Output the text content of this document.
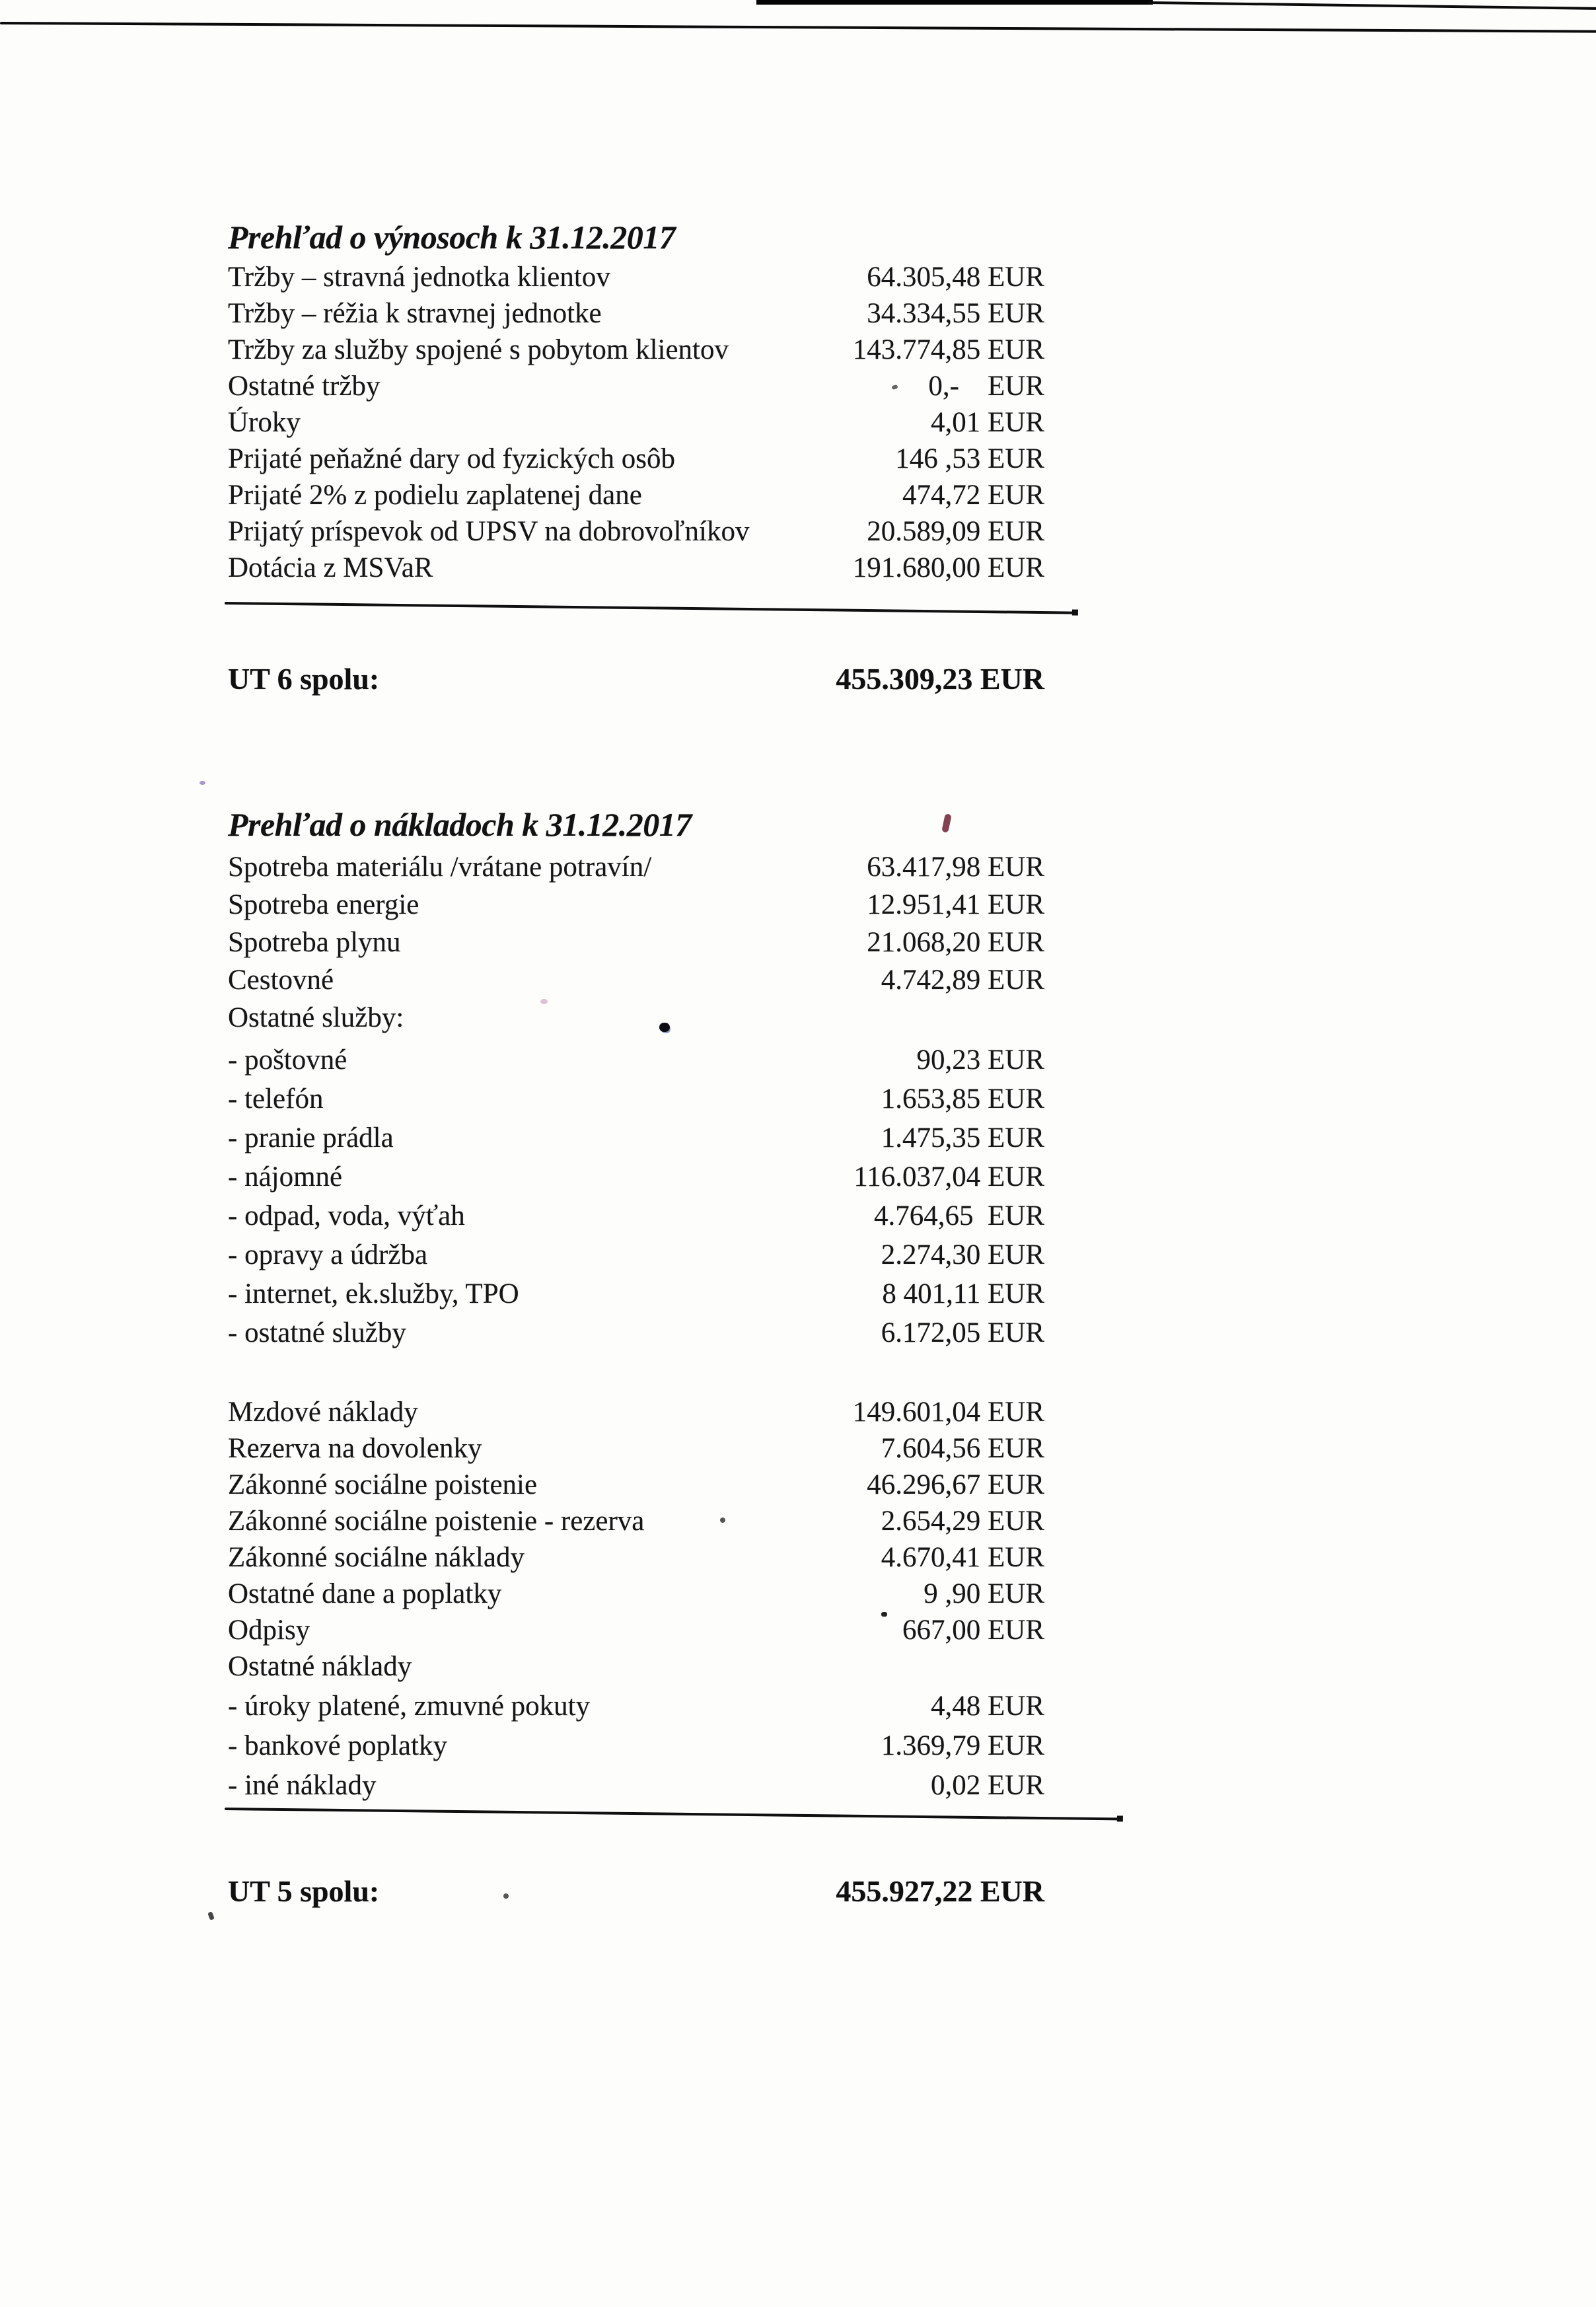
Prehľad o výnosoch k 31.12.2017
Tržby – stravná jednotka klientov	64.305,48 EUR
Tržby – réžia k stravnej jednotke	34.334,55 EUR
Tržby za služby spojené s pobytom klientov	143.774,85 EUR
Ostatné tržby	0,-    EUR
Úroky	4,01 EUR
Prijaté peňažné dary od fyzických osôb	146 ,53 EUR
Prijaté 2% z podielu zaplatenej dane	474,72 EUR
Prijatý príspevok od UPSV na dobrovoľníkov	20.589,09 EUR
Dotácia z MSVaR	191.680,00 EUR
UT 6 spolu:	455.309,23 EUR
Prehľad o nákladoch k 31.12.2017
Spotreba materiálu /vrátane potravín/	63.417,98 EUR
Spotreba energie	12.951,41 EUR
Spotreba plynu	21.068,20 EUR
Cestovné	4.742,89 EUR
Ostatné služby:
- poštovné	90,23 EUR
- telefón	1.653,85 EUR
- pranie prádla	1.475,35 EUR
- nájomné	116.037,04 EUR
- odpad, voda, výťah	4.764,65  EUR
- opravy a údržba	2.274,30 EUR
- internet, ek.služby, TPO	8 401,11 EUR
- ostatné služby	6.172,05 EUR
Mzdové náklady	149.601,04 EUR
Rezerva na dovolenky	7.604,56 EUR
Zákonné sociálne poistenie	46.296,67 EUR
Zákonné sociálne poistenie - rezerva	2.654,29 EUR
Zákonné sociálne náklady	4.670,41 EUR
Ostatné dane a poplatky	9 ,90 EUR
Odpisy	667,00 EUR
Ostatné náklady
- úroky platené, zmuvné pokuty	4,48 EUR
- bankové poplatky	1.369,79 EUR
- iné náklady	0,02 EUR
UT 5 spolu:	455.927,22 EUR
